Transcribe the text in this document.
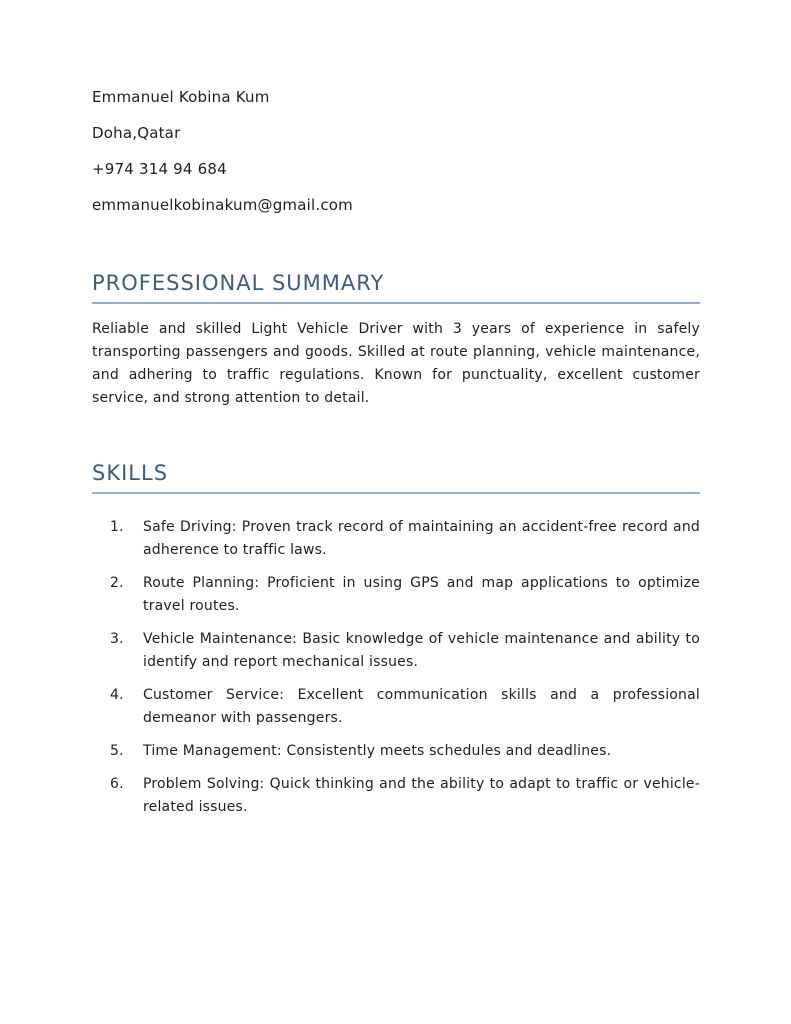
Emmanuel Kobina Kum
Doha,Qatar
+974 314 94 684
emmanuelkobinakum@gmail.com
PROFESSIONAL SUMMARY

Reliable and skilled Light Vehicle Driver with 3 years of experience in safely transporting passengers and goods. Skilled at route planning, vehicle maintenance, and adhering to traffic regulations. Known for punctuality, excellent customer service, and strong attention to detail.

SKILLS
1. Safe Driving: Proven track record of maintaining an accident-free record and adherence to traffic laws.
2. Route Planning: Proficient in using GPS and map applications to optimize travel routes.
3. Vehicle Maintenance: Basic knowledge of vehicle maintenance and ability to identify and report mechanical issues.
4. Customer Service: Excellent communication skills and a professional demeanor with passengers.
5. Time Management: Consistently meets schedules and deadlines.
6. Problem Solving: Quick thinking and the ability to adapt to traffic or vehicle-related issues.
